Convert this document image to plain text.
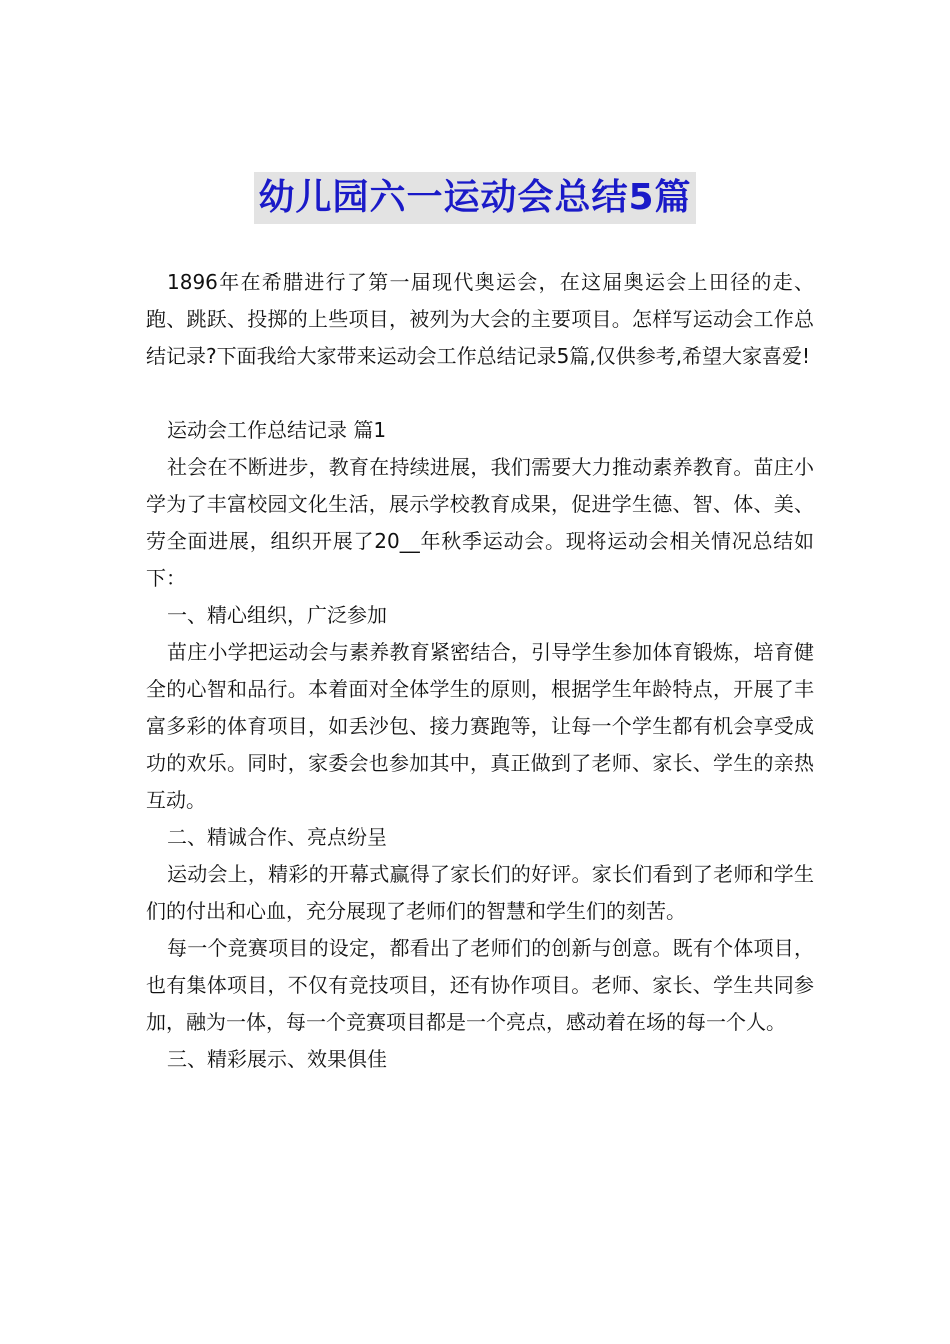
幼儿园六一运动会总结5篇

1896年在希腊进行了第一届现代奥运会，在这届奥运会上田径的走、跑、跳跃、投掷的上些项目，被列为大会的主要项目。怎样写运动会工作总结记录?下面我给大家带来运动会工作总结记录5篇,仅供参考,希望大家喜爱!

运动会工作总结记录 篇1

社会在不断进步，教育在持续进展，我们需要大力推动素养教育。苗庄小学为了丰富校园文化生活，展示学校教育成果，促进学生德、智、体、美、劳全面进展，组织开展了20__年秋季运动会。现将运动会相关情况总结如下：

一、精心组织，广泛参加

苗庄小学把运动会与素养教育紧密结合，引导学生参加体育锻炼，培育健全的心智和品行。本着面对全体学生的原则，根据学生年龄特点，开展了丰富多彩的体育项目，如丢沙包、接力赛跑等，让每一个学生都有机会享受成功的欢乐。同时，家委会也参加其中，真正做到了老师、家长、学生的亲热互动。

二、精诚合作、亮点纷呈

运动会上，精彩的开幕式赢得了家长们的好评。家长们看到了老师和学生们的付出和心血，充分展现了老师们的智慧和学生们的刻苦。

每一个竞赛项目的设定，都看出了老师们的创新与创意。既有个体项目，也有集体项目，不仅有竞技项目，还有协作项目。老师、家长、学生共同参加，融为一体，每一个竞赛项目都是一个亮点，感动着在场的每一个人。

三、精彩展示、效果俱佳
